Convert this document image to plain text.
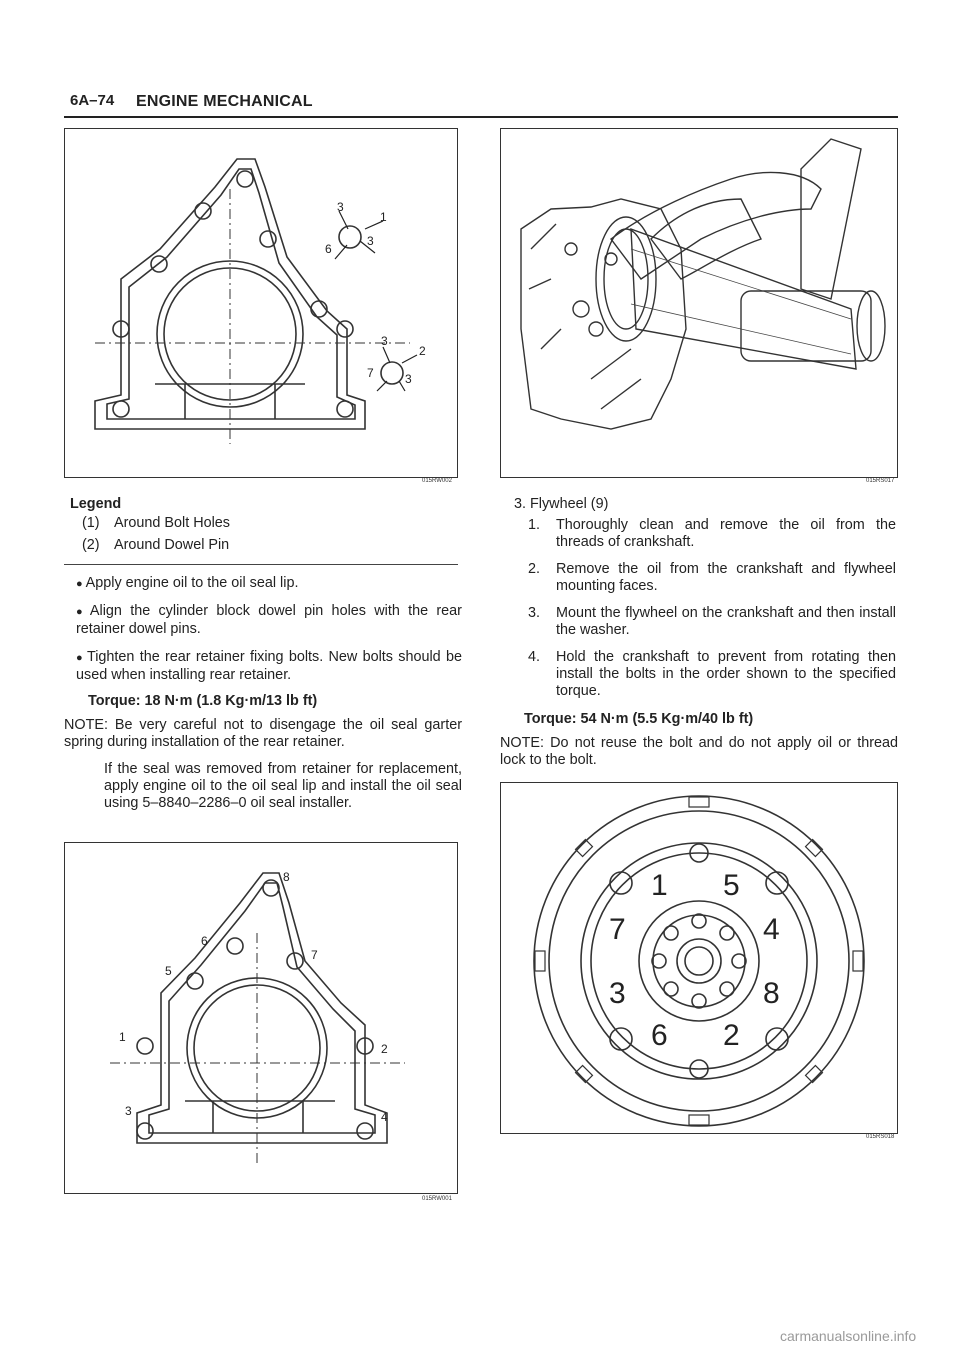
6A–74 ENGINE MECHANICAL
3
1
6
3
3
2
7	3
015RW002	015RS017
Legend
(1) Around Bolt Holes
(2) Around Dowel Pin
● Apply engine oil to the oil seal lip.
● Align the cylinder block dowel pin holes with the rear retainer dowel pins.
● Tighten the rear retainer fixing bolts. New bolts should be used when installing rear retainer.
Torque: 18 N·m (1.8 Kg·m/13 lb ft)
NOTE: Be very careful not to disengage the oil seal garter spring during installation of the rear retainer.
If the seal was removed from retainer for replacement, apply engine oil to the oil seal lip and install the oil seal using 5–8840–2286–0 oil seal installer.
3. Flywheel (9)
1. Thoroughly clean and remove the oil from the threads of crankshaft.
2. Remove the oil from the crankshaft and flywheel mounting faces.
3. Mount the flywheel on the crankshaft and then install the washer.
4. Hold the crankshaft to prevent from rotating then install the bolts in the order shown to the specified torque.
Torque: 54 N·m (5.5 Kg·m/40 lb ft)
NOTE: Do not reuse the bolt and do not apply oil or thread lock to the bolt.
8
6
7
5
1
2
3	4
015RW001
1 5
7	4
3	8
6 2
015RS018
carmanualsonline.info
